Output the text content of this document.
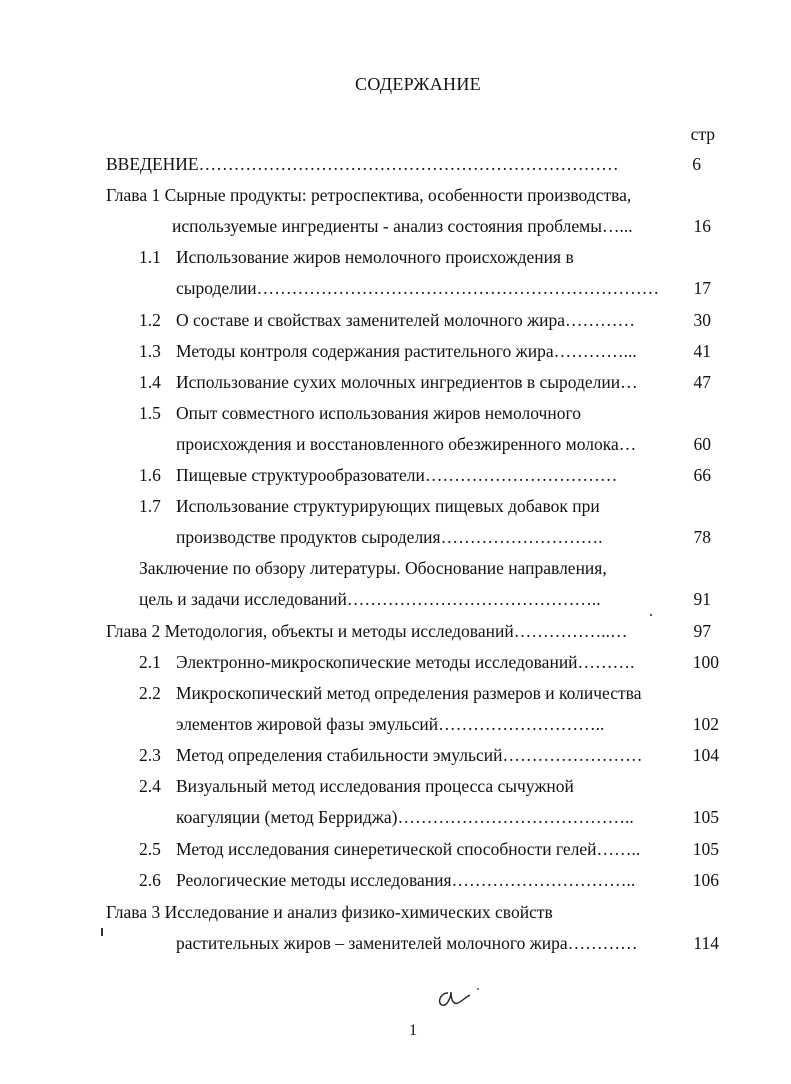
СОДЕРЖАНИЕ
стр
ВВЕДЕНИЕ………………………………………………………………	6
Глава 1 Сырные продукты: ретроспектива, особенности производства,
используемые ингредиенты - анализ состояния проблемы…...	16
1.1 Использование жиров немолочного происхождения в
сыроделии……………………………………………………………	17
1.2 О составе и свойствах заменителей молочного жира…………	30
1.3 Методы контроля содержания растительного жира…………...	41
1.4 Использование сухих молочных ингредиентов в сыроделии…	47
1.5 Опыт совместного использования жиров немолочного
происхождения и восстановленного обезжиренного молока…	60
1.6 Пищевые структурообразователи……………………………	66
1.7 Использование структурирующих пищевых добавок при
производстве продуктов сыроделия……………………….	78
Заключение по обзору литературы. Обоснование направления,
цель и задачи исследований……………………………………..	91
Глава 2 Методология, объекты и методы исследований……………..…	97
2.1 Электронно-микроскопические методы исследований……….	100
2.2 Микроскопический метод определения размеров и количества
элементов жировой фазы эмульсий………………………..	102
2.3 Метод определения стабильности эмульсий……………………	104
2.4 Визуальный метод исследования процесса сычужной
коагуляции (метод Берриджа)…………………………………..	105
2.5 Метод исследования синеретической способности гелей……..	105
2.6 Реологические методы исследования…………………………..	106
Глава 3 Исследование и анализ физико-химических свойств
растительных жиров – заменителей молочного жира…………	114
1
